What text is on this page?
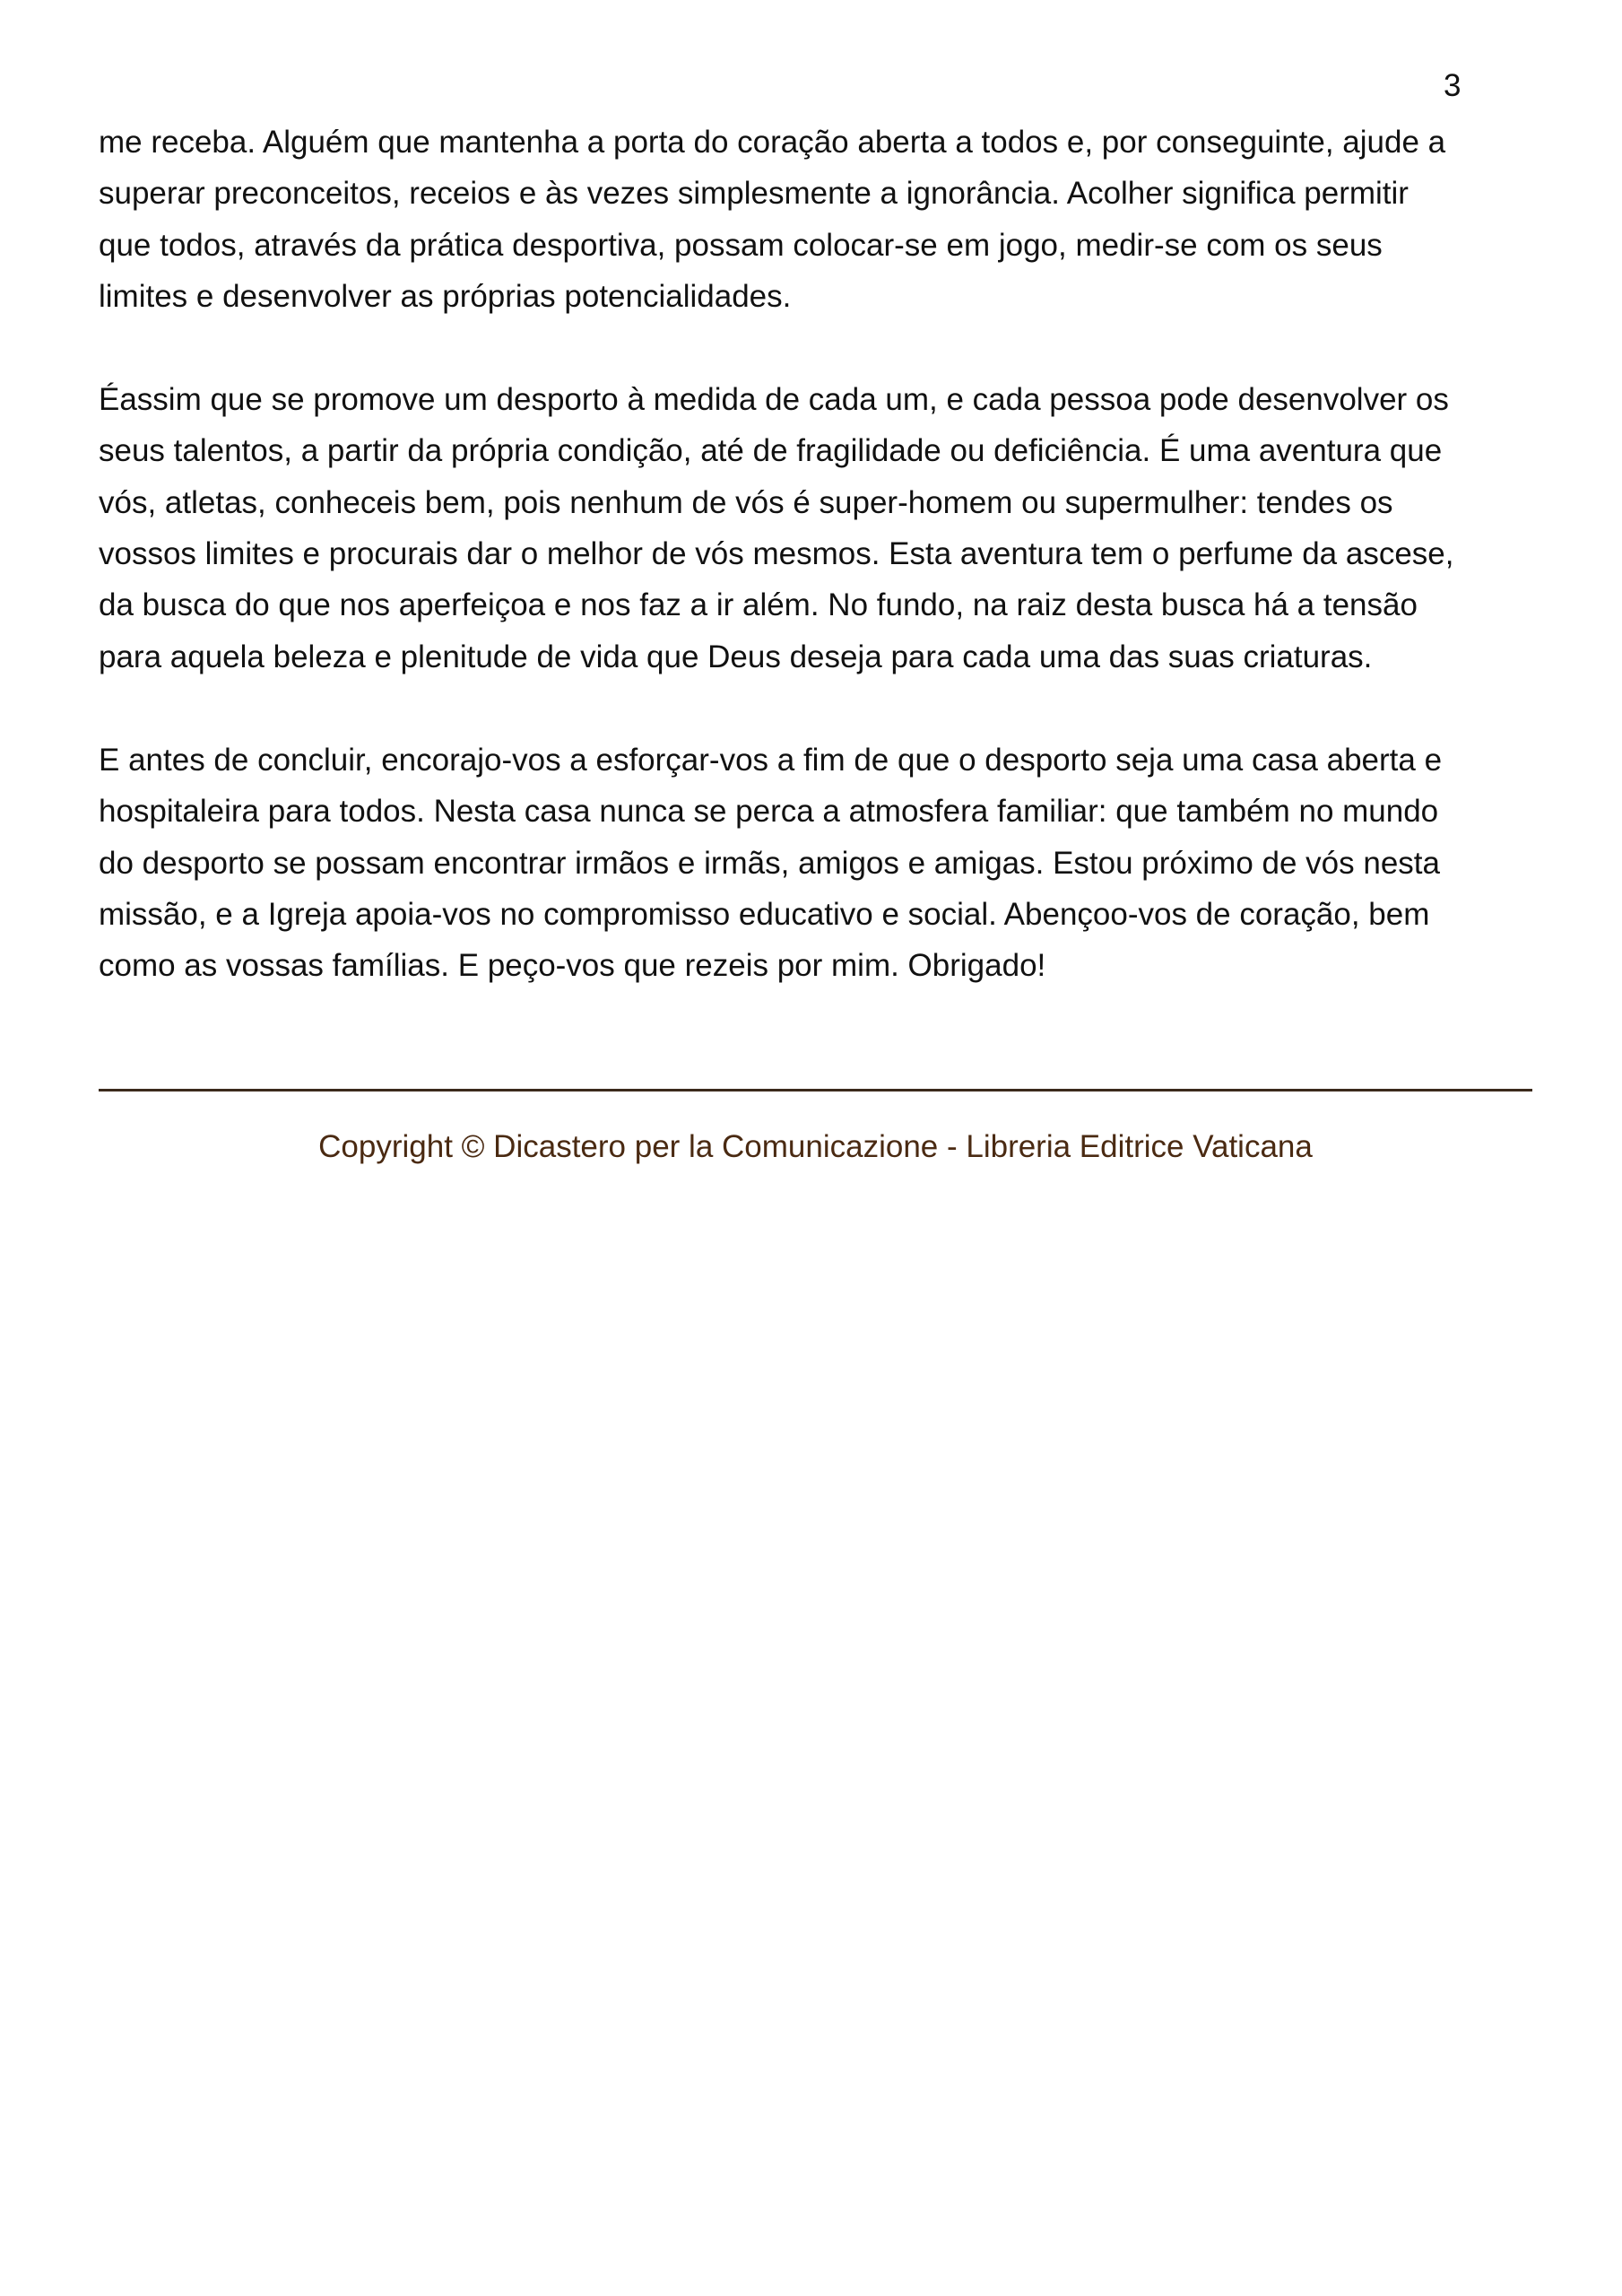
3

me receba. Alguém que mantenha a porta do coração aberta a todos e, por conseguinte, ajude a
superar preconceitos, receios e às vezes simplesmente a ignorância. Acolher significa permitir
que todos, através da prática desportiva, possam colocar-se em jogo, medir-se com os seus
limites e desenvolver as próprias potencialidades.

Éassim que se promove um desporto à medida de cada um, e cada pessoa pode desenvolver os
seus talentos, a partir da própria condição, até de fragilidade ou deficiência. É uma aventura que
vós, atletas, conheceis bem, pois nenhum de vós é super-homem ou supermulher: tendes os
vossos limites e procurais dar o melhor de vós mesmos. Esta aventura tem o perfume da ascese,
da busca do que nos aperfeiçoa e nos faz a ir além. No fundo, na raiz desta busca há a tensão
para aquela beleza e plenitude de vida que Deus deseja para cada uma das suas criaturas.

E antes de concluir, encorajo-vos a esforçar-vos a fim de que o desporto seja uma casa aberta e
hospitaleira para todos. Nesta casa nunca se perca a atmosfera familiar: que também no mundo
do desporto se possam encontrar irmãos e irmãs, amigos e amigas. Estou próximo de vós nesta
missão, e a Igreja apoia-vos no compromisso educativo e social. Abençoo-vos de coração, bem
como as vossas famílias. E peço-vos que rezeis por mim. Obrigado!

Copyright © Dicastero per la Comunicazione - Libreria Editrice Vaticana
